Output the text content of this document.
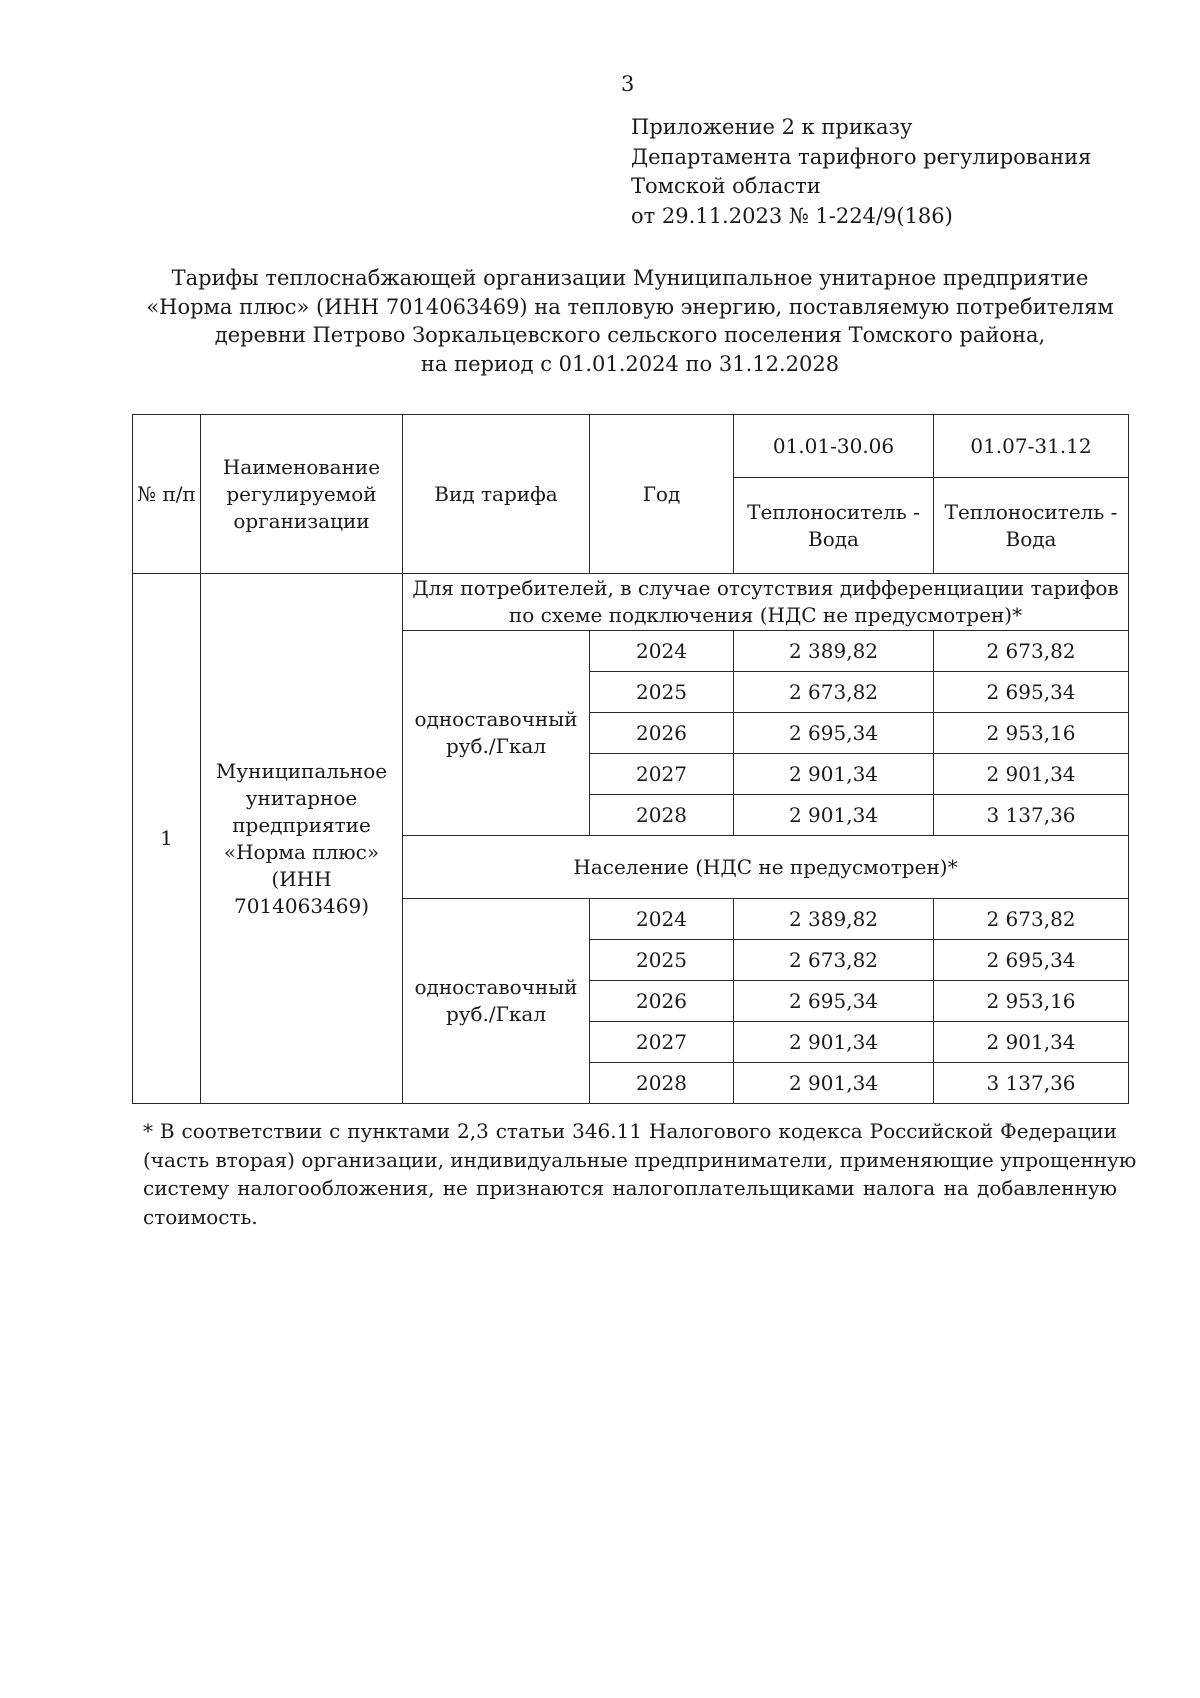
3
Приложение 2 к приказу
Департамента тарифного регулирования
Томской области
от 29.11.2023 № 1-224/9(186)
Тарифы теплоснабжающей организации Муниципальное унитарное предприятие
«Норма плюс» (ИНН 7014063469) на тепловую энергию, поставляемую потребителям
деревни Петрово Зоркальцевского сельского поселения Томского района,
на период с 01.01.2024 по 31.12.2028
№ п/п	Наименование регулируемой организации	Вид тарифа	Год	01.01-30.06	01.07-31.12
				Теплоноситель - Вода	Теплоноситель - Вода
1	Муниципальное унитарное предприятие «Норма плюс» (ИНН 7014063469)	Для потребителей, в случае отсутствия дифференциации тарифов по схеме подключения (НДС не предусмотрен)*			
		одноставочный руб./Гкал	2024	2 389,82	2 673,82
			2025	2 673,82	2 695,34
			2026	2 695,34	2 953,16
			2027	2 901,34	2 901,34
			2028	2 901,34	3 137,36
		Население (НДС не предусмотрен)*			
		одноставочный руб./Гкал	2024	2 389,82	2 673,82
			2025	2 673,82	2 695,34
			2026	2 695,34	2 953,16
			2027	2 901,34	2 901,34
			2028	2 901,34	3 137,36
* В соответствии с пунктами 2,3 статьи 346.11 Налогового кодекса Российской Федерации
(часть вторая) организации, индивидуальные предприниматели, применяющие упрощенную
систему налогообложения, не признаются налогоплательщиками налога на добавленную
стоимость.
